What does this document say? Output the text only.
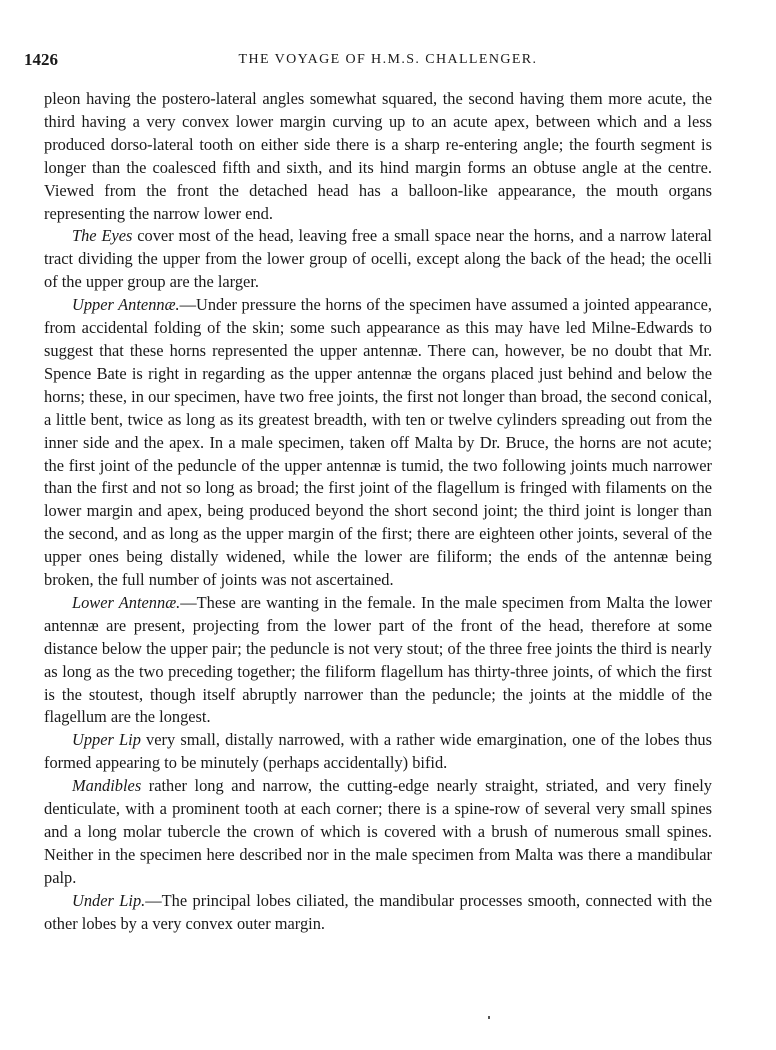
1426	THE VOYAGE OF H.M.S. CHALLENGER.

pleon having the postero-lateral angles somewhat squared, the second having them more acute, the third having a very convex lower margin curving up to an acute apex, between which and a less produced dorso-lateral tooth on either side there is a sharp re-entering angle; the fourth segment is longer than the coalesced fifth and sixth, and its hind margin forms an obtuse angle at the centre. Viewed from the front the detached head has a balloon-like appearance, the mouth organs representing the narrow lower end.

The Eyes cover most of the head, leaving free a small space near the horns, and a narrow lateral tract dividing the upper from the lower group of ocelli, except along the back of the head; the ocelli of the upper group are the larger.

Upper Antennæ.—Under pressure the horns of the specimen have assumed a jointed appearance, from accidental folding of the skin; some such appearance as this may have led Milne-Edwards to suggest that these horns represented the upper antennæ. There can, however, be no doubt that Mr. Spence Bate is right in regarding as the upper antennæ the organs placed just behind and below the horns; these, in our specimen, have two free joints, the first not longer than broad, the second conical, a little bent, twice as long as its greatest breadth, with ten or twelve cylinders spreading out from the inner side and the apex. In a male specimen, taken off Malta by Dr. Bruce, the horns are not acute; the first joint of the peduncle of the upper antennæ is tumid, the two following joints much narrower than the first and not so long as broad; the first joint of the flagellum is fringed with filaments on the lower margin and apex, being produced beyond the short second joint; the third joint is longer than the second, and as long as the upper margin of the first; there are eighteen other joints, several of the upper ones being distally widened, while the lower are filiform; the ends of the antennæ being broken, the full number of joints was not ascertained.

Lower Antennæ.—These are wanting in the female. In the male specimen from Malta the lower antennæ are present, projecting from the lower part of the front of the head, therefore at some distance below the upper pair; the peduncle is not very stout; of the three free joints the third is nearly as long as the two preceding together; the filiform flagellum has thirty-three joints, of which the first is the stoutest, though itself abruptly narrower than the peduncle; the joints at the middle of the flagellum are the longest.

Upper Lip very small, distally narrowed, with a rather wide emargination, one of the lobes thus formed appearing to be minutely (perhaps accidentally) bifid.

Mandibles rather long and narrow, the cutting-edge nearly straight, striated, and very finely denticulate, with a prominent tooth at each corner; there is a spine-row of several very small spines and a long molar tubercle the crown of which is covered with a brush of numerous small spines. Neither in the specimen here described nor in the male specimen from Malta was there a mandibular palp.

Under Lip.—The principal lobes ciliated, the mandibular processes smooth, connected with the other lobes by a very convex outer margin.
